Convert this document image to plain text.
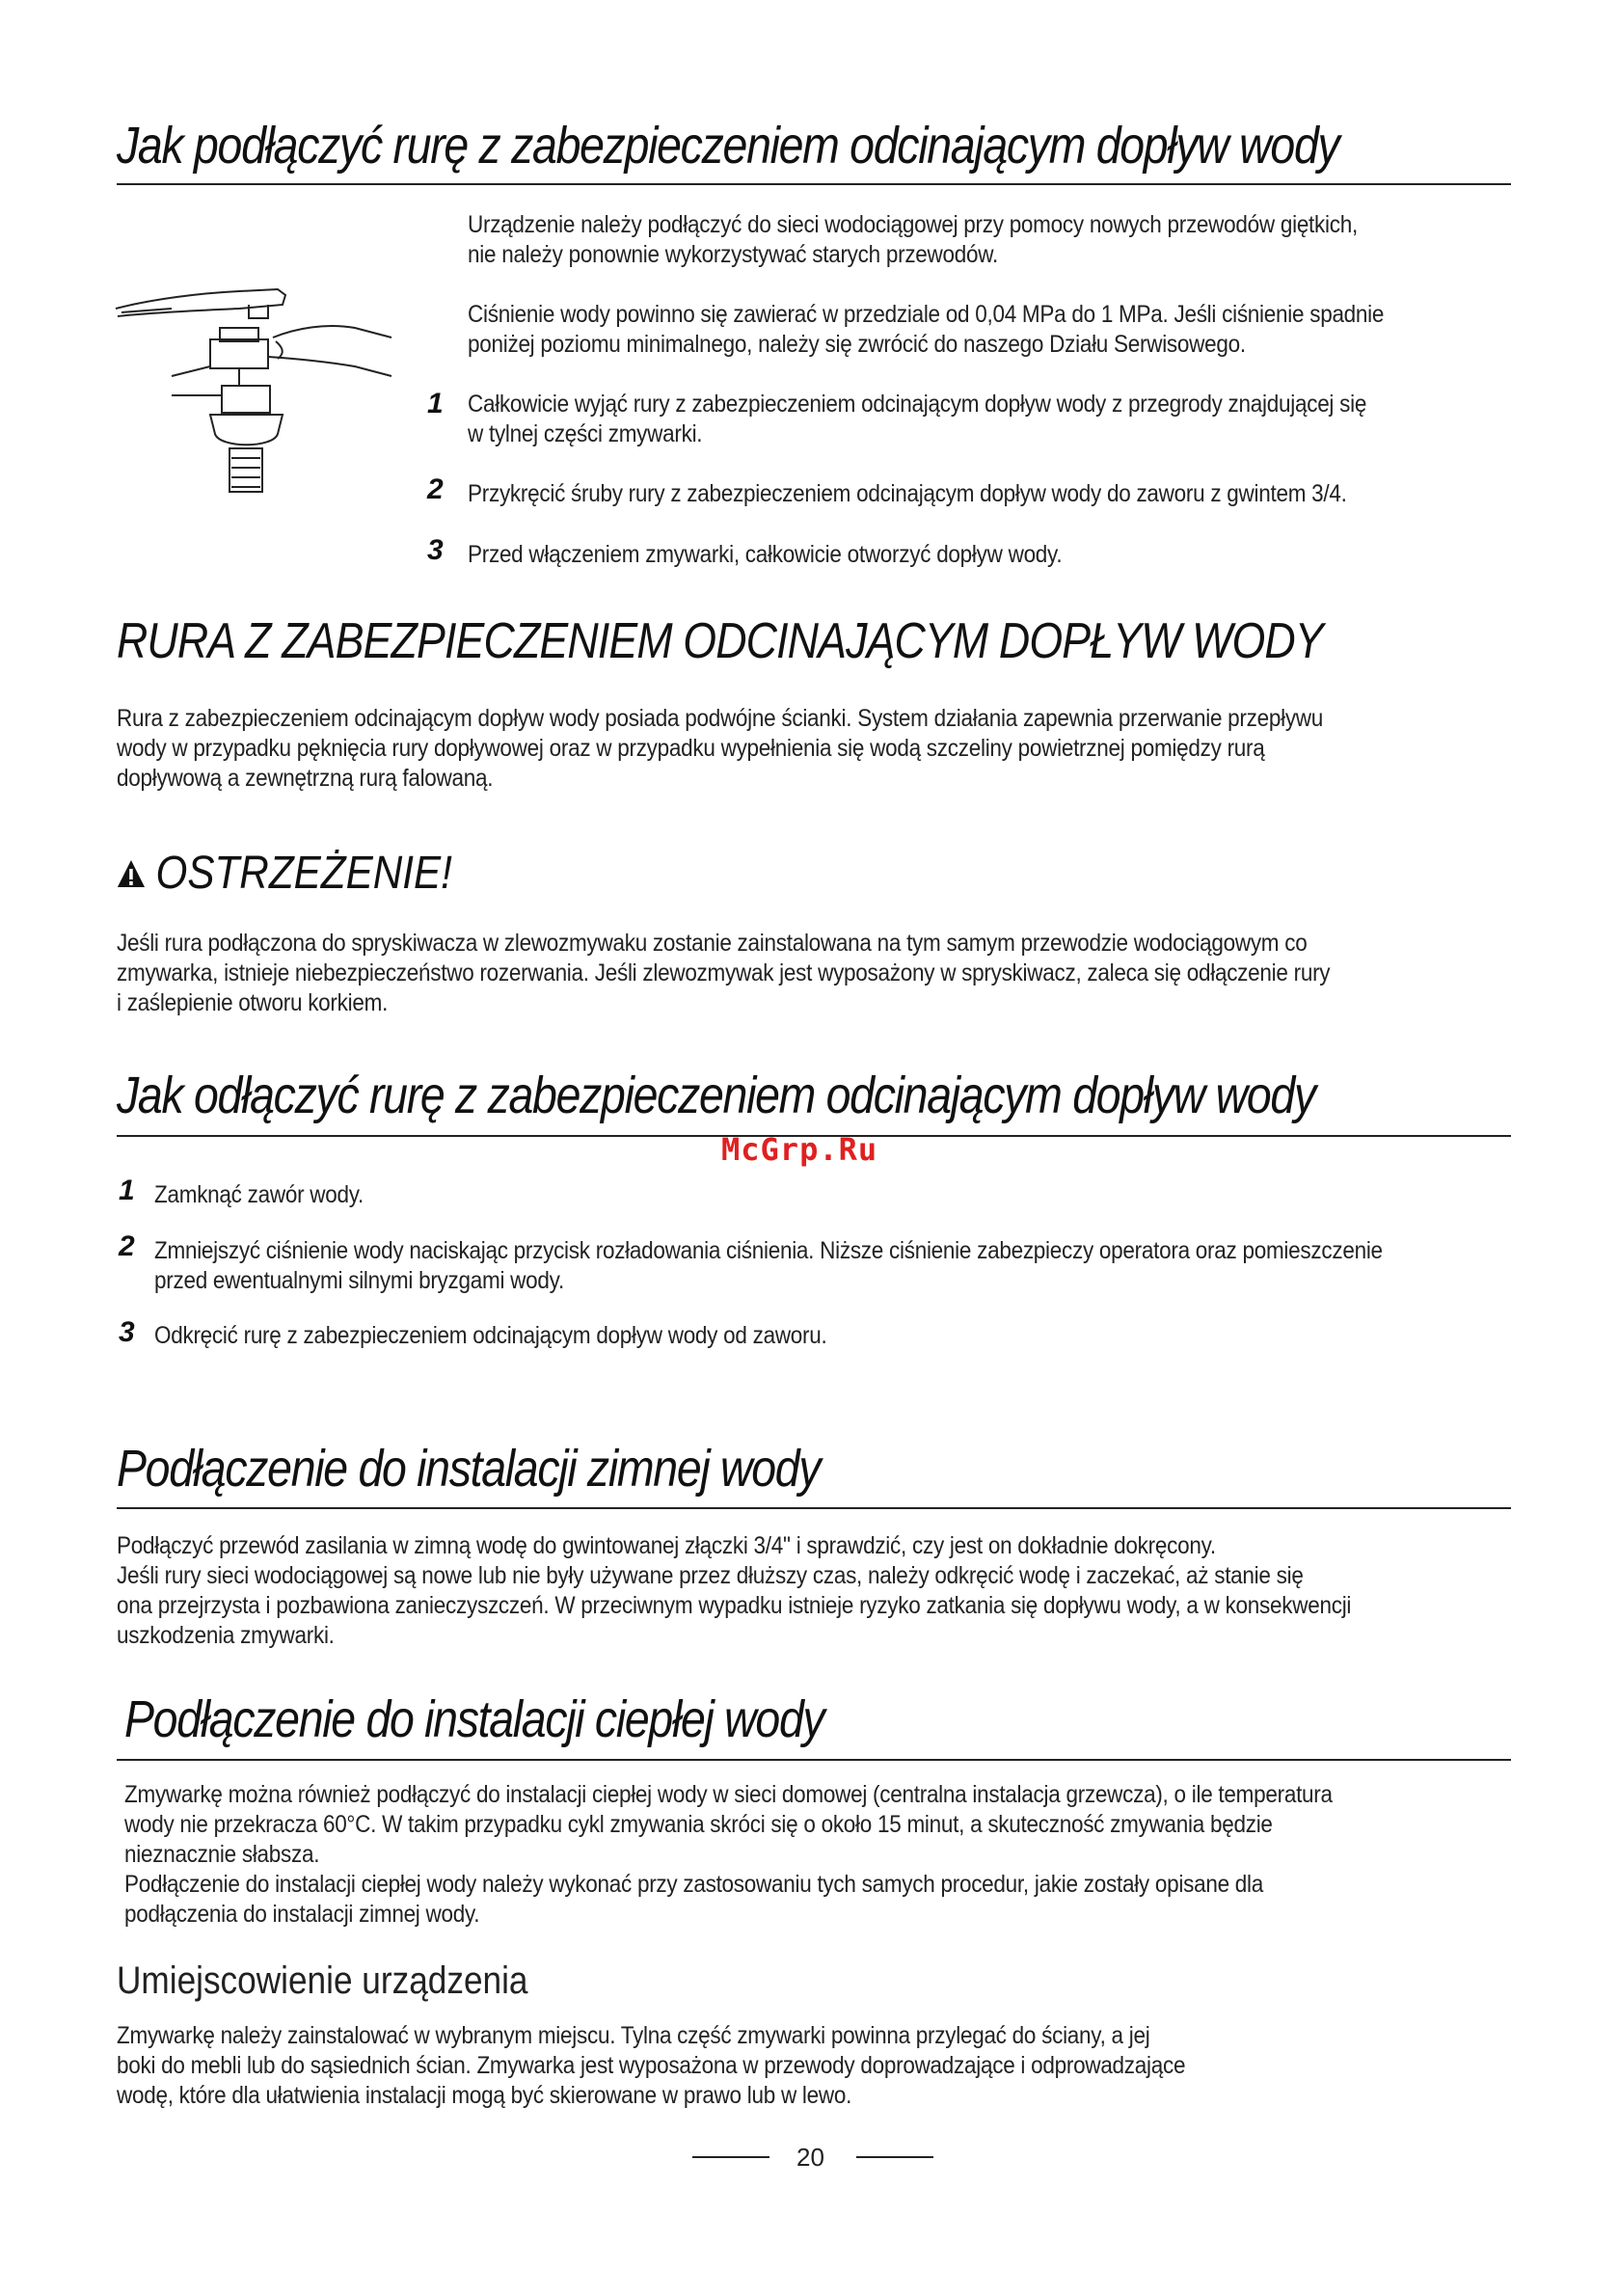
Jak podłączyć rurę z zabezpieczeniem odcinającym dopływ wody
Urządzenie należy podłączyć do sieci wodociągowej przy pomocy nowych przewodów giętkich,
nie należy ponownie wykorzystywać starych przewodów.
Ciśnienie wody powinno się zawierać w przedziale od 0,04 MPa do 1 MPa. Jeśli ciśnienie spadnie
poniżej poziomu minimalnego, należy się zwrócić do naszego Działu Serwisowego.
1 Całkowicie wyjąć rury z zabezpieczeniem odcinającym dopływ wody z przegrody znajdującej się
w tylnej części zmywarki.
2 Przykręcić śruby rury z zabezpieczeniem odcinającym dopływ wody do zaworu z gwintem 3/4.
3 Przed włączeniem zmywarki, całkowicie otworzyć dopływ wody.
RURA Z ZABEZPIECZENIEM ODCINAJĄCYM DOPŁYW WODY
Rura z zabezpieczeniem odcinającym dopływ wody posiada podwójne ścianki. System działania zapewnia przerwanie przepływu
wody w przypadku pęknięcia rury dopływowej oraz w przypadku wypełnienia się wodą szczeliny powietrznej pomiędzy rurą
dopływową a zewnętrzną rurą falowaną.
OSTRZEŻENIE!
Jeśli rura podłączona do spryskiwacza w zlewozmywaku zostanie zainstalowana na tym samym przewodzie wodociągowym co
zmywarka, istnieje niebezpieczeństwo rozerwania. Jeśli zlewozmywak jest wyposażony w spryskiwacz, zaleca się odłączenie rury
i zaślepienie otworu korkiem.
Jak odłączyć rurę z zabezpieczeniem odcinającym dopływ wody
McGrp.Ru
1 Zamknąć zawór wody.
2 Zmniejszyć ciśnienie wody naciskając przycisk rozładowania ciśnienia. Niższe ciśnienie zabezpieczy operatora oraz pomieszczenie
przed ewentualnymi silnymi bryzgami wody.
3 Odkręcić rurę z zabezpieczeniem odcinającym dopływ wody od zaworu.
Podłączenie do instalacji zimnej wody
Podłączyć przewód zasilania w zimną wodę do gwintowanej złączki 3/4" i sprawdzić, czy jest on dokładnie dokręcony.
Jeśli rury sieci wodociągowej są nowe lub nie były używane przez dłuższy czas, należy odkręcić wodę i zaczekać, aż stanie się
ona przejrzysta i pozbawiona zanieczyszczeń. W przeciwnym wypadku istnieje ryzyko zatkania się dopływu wody, a w konsekwencji
uszkodzenia zmywarki.
Podłączenie do instalacji ciepłej wody
Zmywarkę można również podłączyć do instalacji ciepłej wody w sieci domowej (centralna instalacja grzewcza), o ile temperatura
wody nie przekracza 60°C. W takim przypadku cykl zmywania skróci się o około 15 minut, a skuteczność zmywania będzie
nieznacznie słabsza.
Podłączenie do instalacji ciepłej wody należy wykonać przy zastosowaniu tych samych procedur, jakie zostały opisane dla
podłączenia do instalacji zimnej wody.
Umiejscowienie urządzenia
Zmywarkę należy zainstalować w wybranym miejscu. Tylna część zmywarki powinna przylegać do ściany, a jej
boki do mebli lub do sąsiednich ścian. Zmywarka jest wyposażona w przewody doprowadzające i odprowadzające
wodę, które dla ułatwienia instalacji mogą być skierowane w prawo lub w lewo.
20
